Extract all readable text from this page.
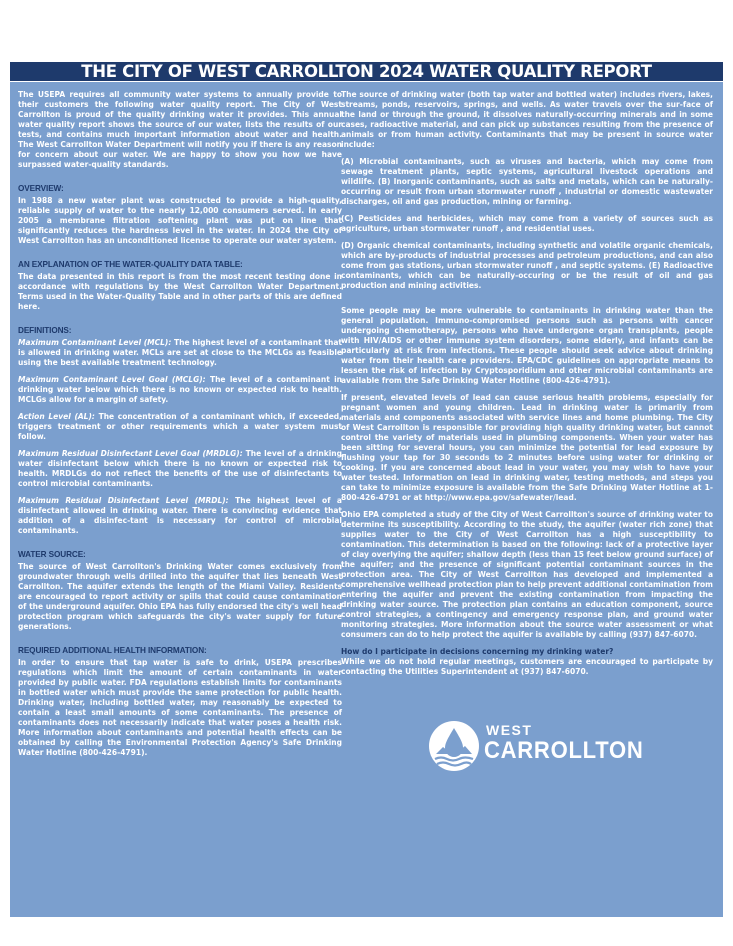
THE CITY OF WEST CARROLLTON 2024 WATER QUALITY REPORT

The USEPA requires all community water systems to annually provide to their customers the following water quality report. The City of West Carrollton is proud of the quality drinking water it provides. This annual water quality report shows the source of our water, lists the results of our tests, and contains much important information about water and health. The West Carrollton Water Department will notify you if there is any reason for concern about our water. We are happy to show you how we have surpassed water-quality standards.

OVERVIEW:

In 1988 a new water plant was constructed to provide a high-quality, reliable supply of water to the nearly 12,000 consumers served. In early 2005 a membrane filtration softening plant was put on line that significantly reduces the hardness level in the water. In 2024 the City of West Carrollton has an unconditioned license to operate our water system.

AN EXPLANATION OF THE WATER-QUALITY DATA TABLE:

The data presented in this report is from the most recent testing done in accordance with regulations by the West Carrollton Water Department. Terms used in the Water-Quality Table and in other parts of this are defined here.

DEFINITIONS:

Maximum Contaminant Level (MCL): The highest level of a contaminant that is allowed in drinking water. MCLs are set at close to the MCLGs as feasible using the best available treatment technology.

Maximum Contaminant Level Goal (MCLG): The level of a contaminant in drinking water below which there is no known or expected risk to health. MCLGs allow for a margin of safety.

Action Level (AL): The concentration of a contaminant which, if exceeded, triggers treatment or other requirements which a water system must follow.

Maximum Residual Disinfectant Level Goal (MRDLG): The level of a drinking water disinfectant below which there is no known or expected risk to health. MRDLGs do not reflect the benefits of the use of disinfectants to control microbial contaminants.

Maximum Residual Disinfectant Level (MRDL): The highest level of a disinfectant allowed in drinking water. There is convincing evidence that addition of a disinfec-tant is necessary for control of microbial contaminants.

WATER SOURCE:

The source of West Carrollton's Drinking Water comes exclusively from groundwater through wells drilled into the aquifer that lies beneath West Carrollton. The aquifer extends the length of the Miami Valley. Residents are encouraged to report activity or spills that could cause contamination of the underground aquifer. Ohio EPA has fully endorsed the city's well head protection program which safeguards the city's water supply for future generations.

REQUIRED ADDITIONAL HEALTH INFORMATION:

In order to ensure that tap water is safe to drink, USEPA prescribes regulations which limit the amount of certain contaminants in water provided by public water. FDA regulations establish limits for contaminants in bottled water which must provide the same protection for public health. Drinking water, including bottled water, may reasonably be expected to contain a least small amounts of some contaminants. The presence of contaminants does not necessarily indicate that water poses a health risk. More information about contaminants and potential health effects can be obtained by calling the Environmental Protection Agency's Safe Drinking Water Hotline (800-426-4791).

The source of drinking water (both tap water and bottled water) includes rivers, lakes, streams, ponds, reservoirs, springs, and wells. As water travels over the sur-face of the land or through the ground, it dissolves naturally-occurring minerals and in some cases, radioactive material, and can pick up substances resulting from the presence of animals or from human activity. Contaminants that may be present in source water include:

(A) Microbial contaminants, such as viruses and bacteria, which may come from sewage treatment plants, septic systems, agricultural livestock operations and wildlife. (B) Inorganic contaminants, such as salts and metals, which can be naturally-occurring or result from urban stormwater runoff , industrial or domestic wastewater discharges, oil and gas production, mining or farming.

(C) Pesticides and herbicides, which may come from a variety of sources such as agriculture, urban stormwater runoff , and residential uses.

(D) Organic chemical contaminants, including synthetic and volatile organic chemicals, which are by-products of industrial processes and petroleum productions, and can also come from gas stations, urban stormwater runoff , and septic systems. (E) Radioactive contaminants, which can be naturally-occuring or be the result of oil and gas production and mining activities.

Some people may be more vulnerable to contaminants in drinking water than the general population. Immuno-compromised persons such as persons with cancer undergoing chemotherapy, persons who have undergone organ transplants, people with HIV/AIDS or other immune system disorders, some elderly, and infants can be particularly at risk from infections. These people should seek advice about drinking water from their health care providers. EPA/CDC guidelines on appropriate means to lessen the risk of infection by Cryptosporidium and other microbial contaminants are available from the Safe Drinking Water Hotline (800-426-4791).

If present, elevated levels of lead can cause serious health problems, especially for pregnant women and young children. Lead in drinking water is primarily from materials and components associated with service lines and home plumbing. The City of West Carrollton is responsible for providing high quality drinking water, but cannot control the variety of materials used in plumbing components. When your water has been sitting for several hours, you can minimize the potential for lead exposure by flushing your tap for 30 seconds to 2 minutes before using water for drinking or cooking. If you are concerned about lead in your water, you may wish to have your water tested. Information on lead in drinking water, testing methods, and steps you can take to minimize exposure is available from the Safe Drinking Water Hotline at 1-800-426-4791 or at http://www.epa.gov/safewater/lead.

Ohio EPA completed a study of the City of West Carrollton's source of drinking water to determine its susceptibility. According to the study, the aquifer (water rich zone) that supplies water to the City of West Carrollton has a high susceptibility to contamination. This determination is based on the following: lack of a protective layer of clay overlying the aquifer; shallow depth (less than 15 feet below ground surface) of the aquifer; and the presence of significant potential contaminant sources in the protection area. The City of West Carrollton has developed and implemented a comprehensive wellhead protection plan to help prevent additional contamination from entering the aquifer and prevent the existing contamination from impacting the drinking water source. The protection plan contains an education component, source control strategies, a contingency and emergency response plan, and ground water monitoring strategies. More information about the source water assessment or what consumers can do to help protect the aquifer is available by calling (937) 847-6070.

How do I participate in decisions concerning my drinking water?

While we do not hold regular meetings, customers are encouraged to participate by contacting the Utilities Superintendent at (937) 847-6070.

WEST
CARROLLTON
